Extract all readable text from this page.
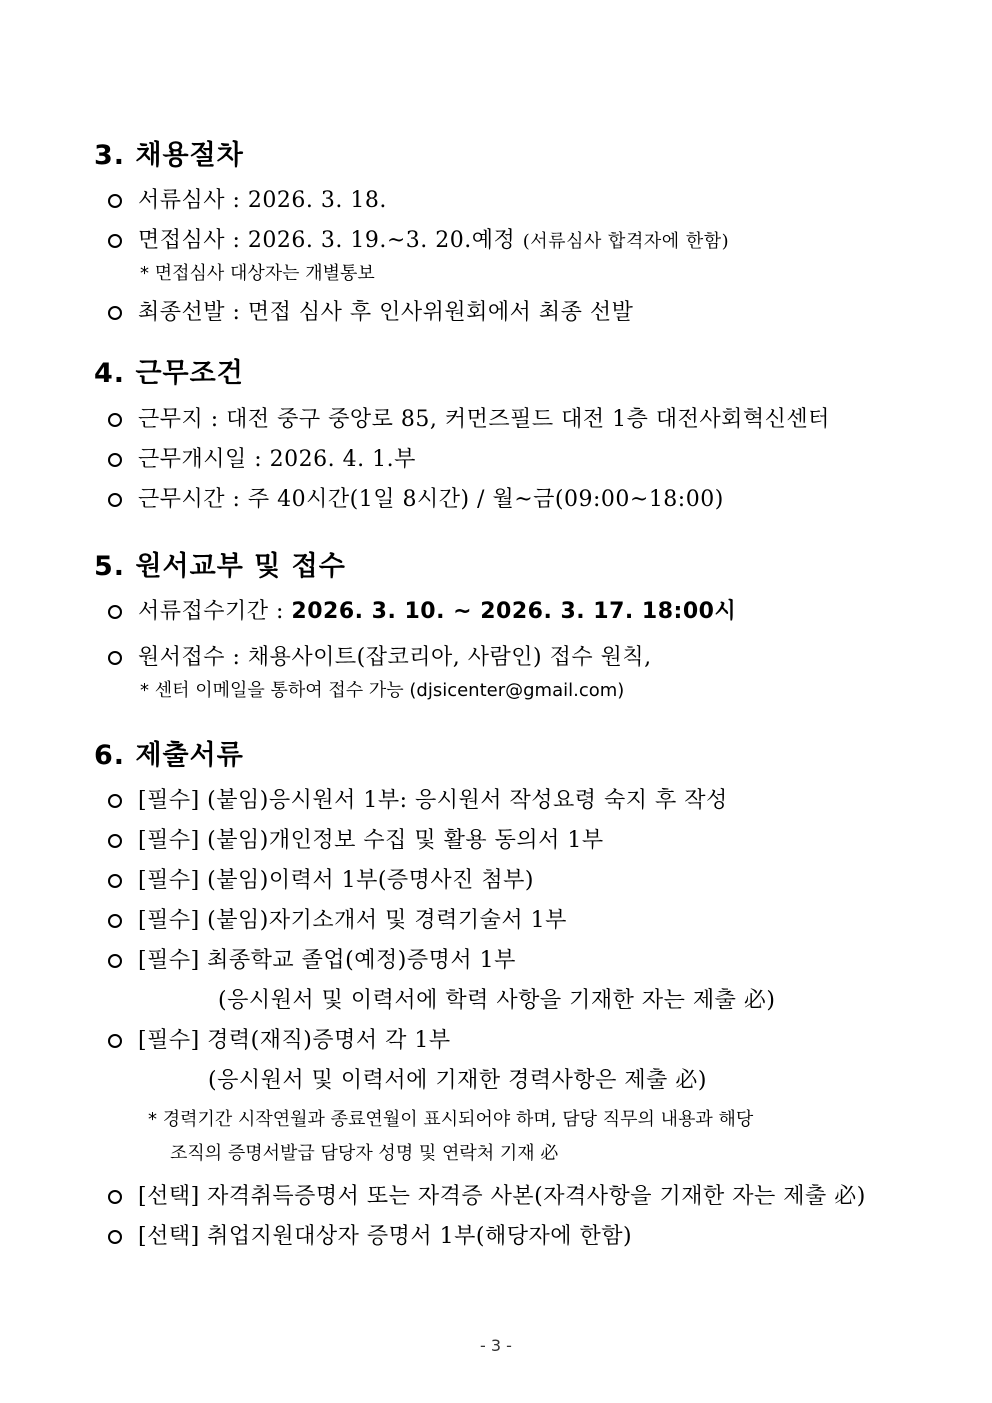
3. 채용절차
서류심사 : 2026. 3. 18.
면접심사 : 2026. 3. 19.~3. 20.예정 (서류심사 합격자에 한함)
* 면접심사 대상자는 개별통보
최종선발 : 면접 심사 후 인사위원회에서 최종 선발
4. 근무조건
근무지 : 대전 중구 중앙로 85, 커먼즈필드 대전 1층 대전사회혁신센터
근무개시일 : 2026. 4. 1.부
근무시간 : 주 40시간(1일 8시간) / 월~금(09:00~18:00)
5. 원서교부 및 접수
서류접수기간 : 2026. 3. 10. ~ 2026. 3. 17. 18:00시
원서접수 : 채용사이트(잡코리아, 사람인) 접수 원칙,
* 센터 이메일을 통하여 접수 가능 (djsicenter@gmail.com)
6. 제출서류
[필수] (붙임)응시원서 1부: 응시원서 작성요령 숙지 후 작성
[필수] (붙임)개인정보 수집 및 활용 동의서 1부
[필수] (붙임)이력서 1부(증명사진 첨부)
[필수] (붙임)자기소개서 및 경력기술서 1부
[필수] 최종학교 졸업(예정)증명서 1부
(응시원서 및 이력서에 학력 사항을 기재한 자는 제출 必)
[필수] 경력(재직)증명서 각 1부
(응시원서 및 이력서에 기재한 경력사항은 제출 必)
* 경력기간 시작연월과 종료연월이 표시되어야 하며, 담당 직무의 내용과 해당
조직의 증명서발급 담당자 성명 및 연락처 기재 必
[선택] 자격취득증명서 또는 자격증 사본(자격사항을 기재한 자는 제출 必)
[선택] 취업지원대상자 증명서 1부(해당자에 한함)
- 3 -
